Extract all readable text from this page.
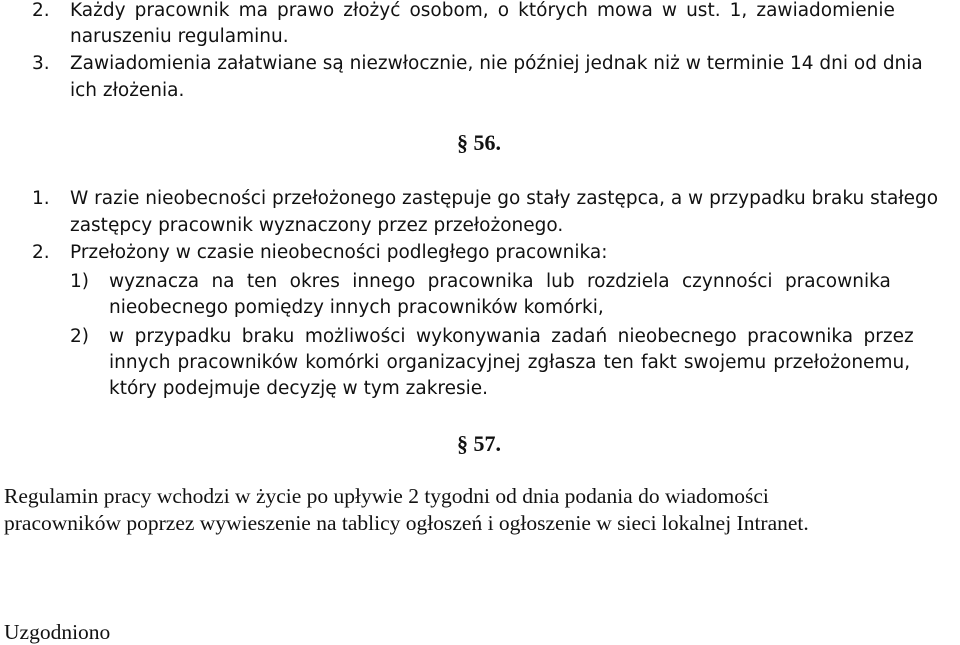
2. Każdy pracownik ma prawo złożyć osobom, o których mowa w ust. 1, zawiadomienie
naruszeniu regulaminu.
3. Zawiadomienia załatwiane są niezwłocznie, nie później jednak niż w terminie 14 dni od dnia
ich złożenia.
§ 56.
1. W razie nieobecności przełożonego zastępuje go stały zastępca, a w przypadku braku stałego
zastępcy pracownik wyznaczony przez przełożonego.
2. Przełożony w czasie nieobecności podległego pracownika:
1) wyznacza na ten okres innego pracownika lub rozdziela czynności pracownika
nieobecnego pomiędzy innych pracowników komórki,
2) w przypadku braku możliwości wykonywania zadań nieobecnego pracownika przez
innych pracowników komórki organizacyjnej zgłasza ten fakt swojemu przełożonemu,
który podejmuje decyzję w tym zakresie.
§ 57.
Regulamin pracy wchodzi w życie po upływie 2 tygodni od dnia podania do wiadomości
pracowników poprzez wywieszenie na tablicy ogłoszeń i ogłoszenie w sieci lokalnej Intranet.
Uzgodniono
